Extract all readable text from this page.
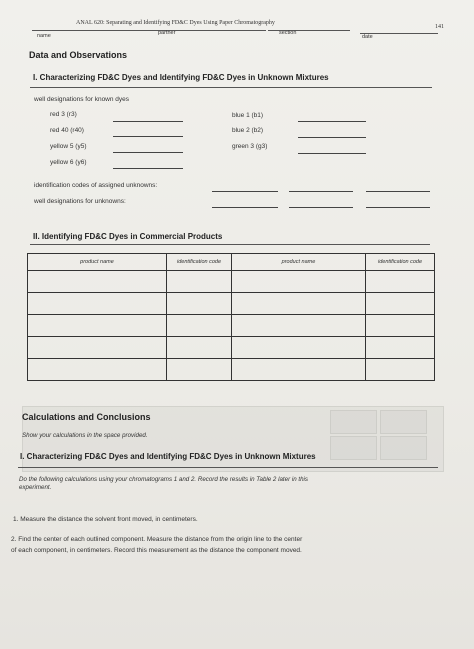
ANAL 620: Separating and Identifying FD&C Dyes Using Paper Chromatography
141
name	partner	section
date
Data and Observations
I. Characterizing FD&C Dyes and Identifying FD&C Dyes in Unknown Mixtures
well designations for known dyes
red 3 (r3)
red 40 (r40)
yellow 5 (y5)
yellow 6 (y6)
blue 1 (b1)
blue 2 (b2)
green 3 (g3)
identification codes of assigned unknowns:
well designations for unknowns:
II. Identifying FD&C Dyes in Commercial Products
product name	identification code	product name	identification code

Calculations and Conclusions
Show your calculations in the space provided.
I. Characterizing FD&C Dyes and Identifying FD&C Dyes in Unknown Mixtures
Do the following calculations using your chromatograms 1 and 2. Record the results in Table 2 later in this
experiment.
1. Measure the distance the solvent front moved, in centimeters.
2. Find the center of each outlined component. Measure the distance from the origin line to the center
of each component, in centimeters. Record this measurement as the distance the component moved.
